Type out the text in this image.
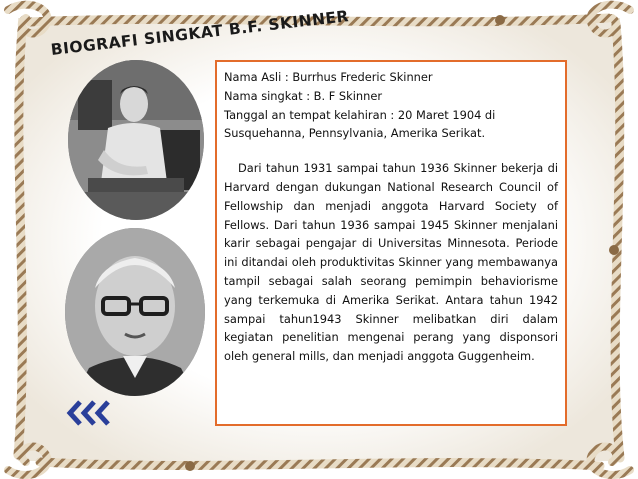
BIOGRAFI SINGKAT B.F. SKINNER

Nama Asli : Burrhus Frederic Skinner

Nama singkat : B. F Skinner

Tanggal an tempat kelahiran : 20 Maret 1904 di

Susquehanna, Pennsylvania, Amerika Serikat.

Dari tahun 1931 sampai tahun 1936 Skinner bekerja di Harvard dengan dukungan National Research Council of Fellowship dan menjadi anggota Harvard Society of Fellows. Dari tahun 1936 sampai 1945 Skinner menjalani karir sebagai pengajar di Universitas Minnesota. Periode ini ditandai oleh produktivitas Skinner yang membawanya tampil sebagai salah seorang pemimpin behaviorisme yang terkemuka di Amerika Serikat. Antara tahun 1942 sampai tahun1943 Skinner melibatkan diri dalam kegiatan penelitian mengenai perang yang disponsori oleh general mills, dan menjadi anggota Guggenheim.
